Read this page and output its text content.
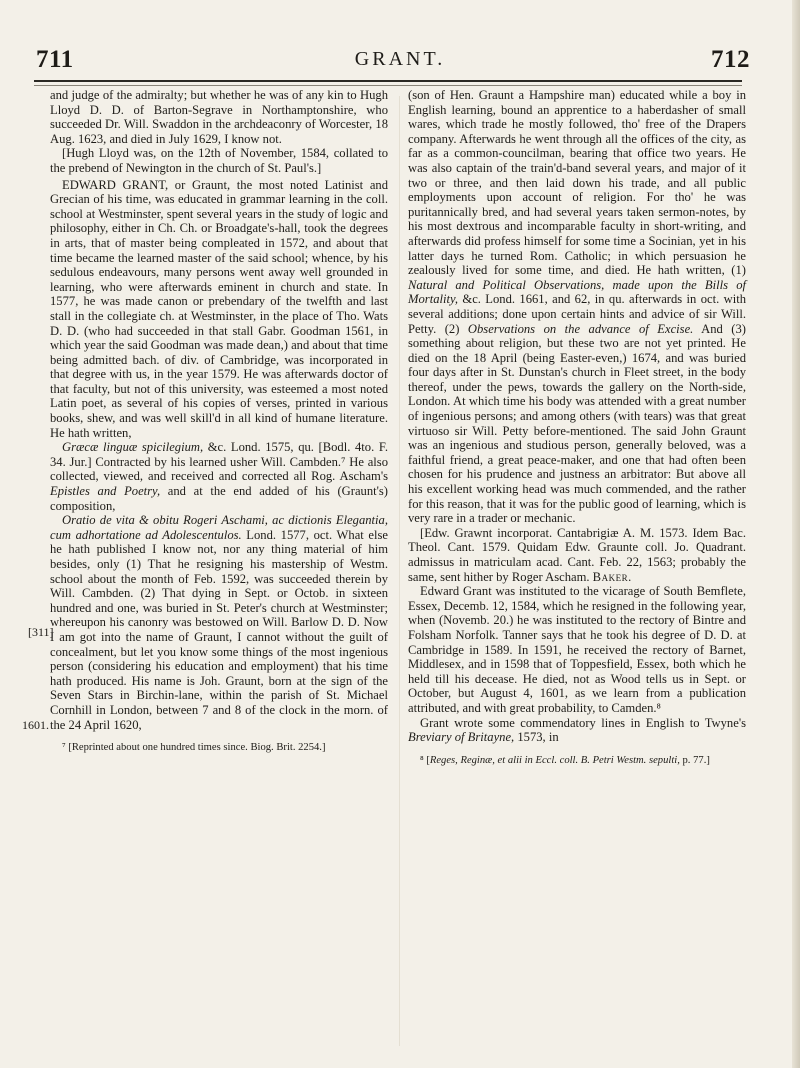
711	GRANT.	712
[311]
1601.

and judge of the admiralty; but whether he was of any kin to Hugh Lloyd D. D. of Barton-Segrave in Northamptonshire, who succeeded Dr. Will. Swaddon in the archdeaconry of Worcester, 18 Aug. 1623, and died in July 1629, I know not.

[Hugh Lloyd was, on the 12th of November, 1584, collated to the prebend of Newington in the church of St. Paul's.]

EDWARD GRANT, or Graunt, the most noted Latinist and Grecian of his time, was educated in grammar learning in the coll. school at Westminster, spent several years in the study of logic and philosophy, either in Ch. Ch. or Broadgate's-hall, took the degrees in arts, that of master being compleated in 1572, and about that time became the learned master of the said school; whence, by his sedulous endeavours, many persons went away well grounded in learning, who were afterwards eminent in church and state. In 1577, he was made canon or prebendary of the twelfth and last stall in the collegiate ch. at Westminster, in the place of Tho. Wats D. D. (who had succeeded in that stall Gabr. Goodman 1561, in which year the said Goodman was made dean,) and about that time being admitted bach. of div. of Cambridge, was incorporated in that degree with us, in the year 1579. He was afterwards doctor of that faculty, but not of this university, was esteemed a most noted Latin poet, as several of his copies of verses, printed in various books, shew, and was well skill'd in all kind of humane literature. He hath written,

Græcæ linguæ spicilegium, &c. Lond. 1575, qu. [Bodl. 4to. F. 34. Jur.] Contracted by his learned usher Will. Cambden.⁷ He also collected, viewed, and received and corrected all Rog. Ascham's Epistles and Poetry, and at the end added of his (Graunt's) composition,

Oratio de vita & obitu Rogeri Aschami, ac dictionis Elegantia, cum adhortatione ad Adolescentulos. Lond. 1577, oct. What else he hath published I know not, nor any thing material of him besides, only (1) That he resigning his mastership of Westm. school about the month of Feb. 1592, was succeeded therein by Will. Cambden. (2) That dying in Sept. or Octob. in sixteen hundred and one, was buried in St. Peter's church at Westminster; whereupon his canonry was bestowed on Will. Barlow D. D. Now I am got into the name of Graunt, I cannot without the guilt of concealment, but let you know some things of the most ingenious person (considering his education and employment) that his time hath produced. His name is Joh. Graunt, born at the sign of the Seven Stars in Birchin-lane, within the parish of St. Michael Cornhill in London, between 7 and 8 of the clock in the morn. of the 24 April 1620,

⁷ [Reprinted about one hundred times since. Biog. Brit. 2254.]

(son of Hen. Graunt a Hampshire man) educated while a boy in English learning, bound an apprentice to a haberdasher of small wares, which trade he mostly followed, tho' free of the Drapers company. Afterwards he went through all the offices of the city, as far as a common-councilman, bearing that office two years. He was also captain of the train'd-band several years, and major of it two or three, and then laid down his trade, and all public employments upon account of religion. For tho' he was puritannically bred, and had several years taken sermon-notes, by his most dextrous and incomparable faculty in short-writing, and afterwards did profess himself for some time a Socinian, yet in his latter days he turned Rom. Catholic; in which persuasion he zealously lived for some time, and died. He hath written, (1) Natural and Political Observations, made upon the Bills of Mortality, &c. Lond. 1661, and 62, in qu. afterwards in oct. with several additions; done upon certain hints and advice of sir Will. Petty. (2) Observations on the advance of Excise. And (3) something about religion, but these two are not yet printed. He died on the 18 April (being Easter-even,) 1674, and was buried four days after in St. Dunstan's church in Fleet street, in the body thereof, under the pews, towards the gallery on the North-side, London. At which time his body was attended with a great number of ingenious persons; and among others (with tears) was that great virtuoso sir Will. Petty before-mentioned. The said John Graunt was an ingenious and studious person, generally beloved, was a faithful friend, a great peace-maker, and one that had often been chosen for his prudence and justness an arbitrator: But above all his excellent working head was much commended, and the rather for this reason, that it was for the public good of learning, which is very rare in a trader or mechanic.

[Edw. Grawnt incorporat. Cantabrigiæ A. M. 1573. Idem Bac. Theol. Cant. 1579. Quidam Edw. Graunte coll. Jo. Quadrant. admissus in matriculam acad. Cant. Feb. 22, 1563; probably the same, sent hither by Roger Ascham. Baker.

Edward Grant was instituted to the vicarage of South Bemflete, Essex, Decemb. 12, 1584, which he resigned in the following year, when (Novemb. 20.) he was instituted to the rectory of Bintre and Folsham Norfolk. Tanner says that he took his degree of D. D. at Cambridge in 1589. In 1591, he received the rectory of Barnet, Middlesex, and in 1598 that of Toppesfield, Essex, both which he held till his decease. He died, not as Wood tells us in Sept. or October, but August 4, 1601, as we learn from a publication attributed, and with great probability, to Camden.⁸

Grant wrote some commendatory lines in English to Twyne's Breviary of Britayne, 1573, in

⁸ [Reges, Reginæ, et alii in Eccl. coll. B. Petri Westm. sepulti, p. 77.]
